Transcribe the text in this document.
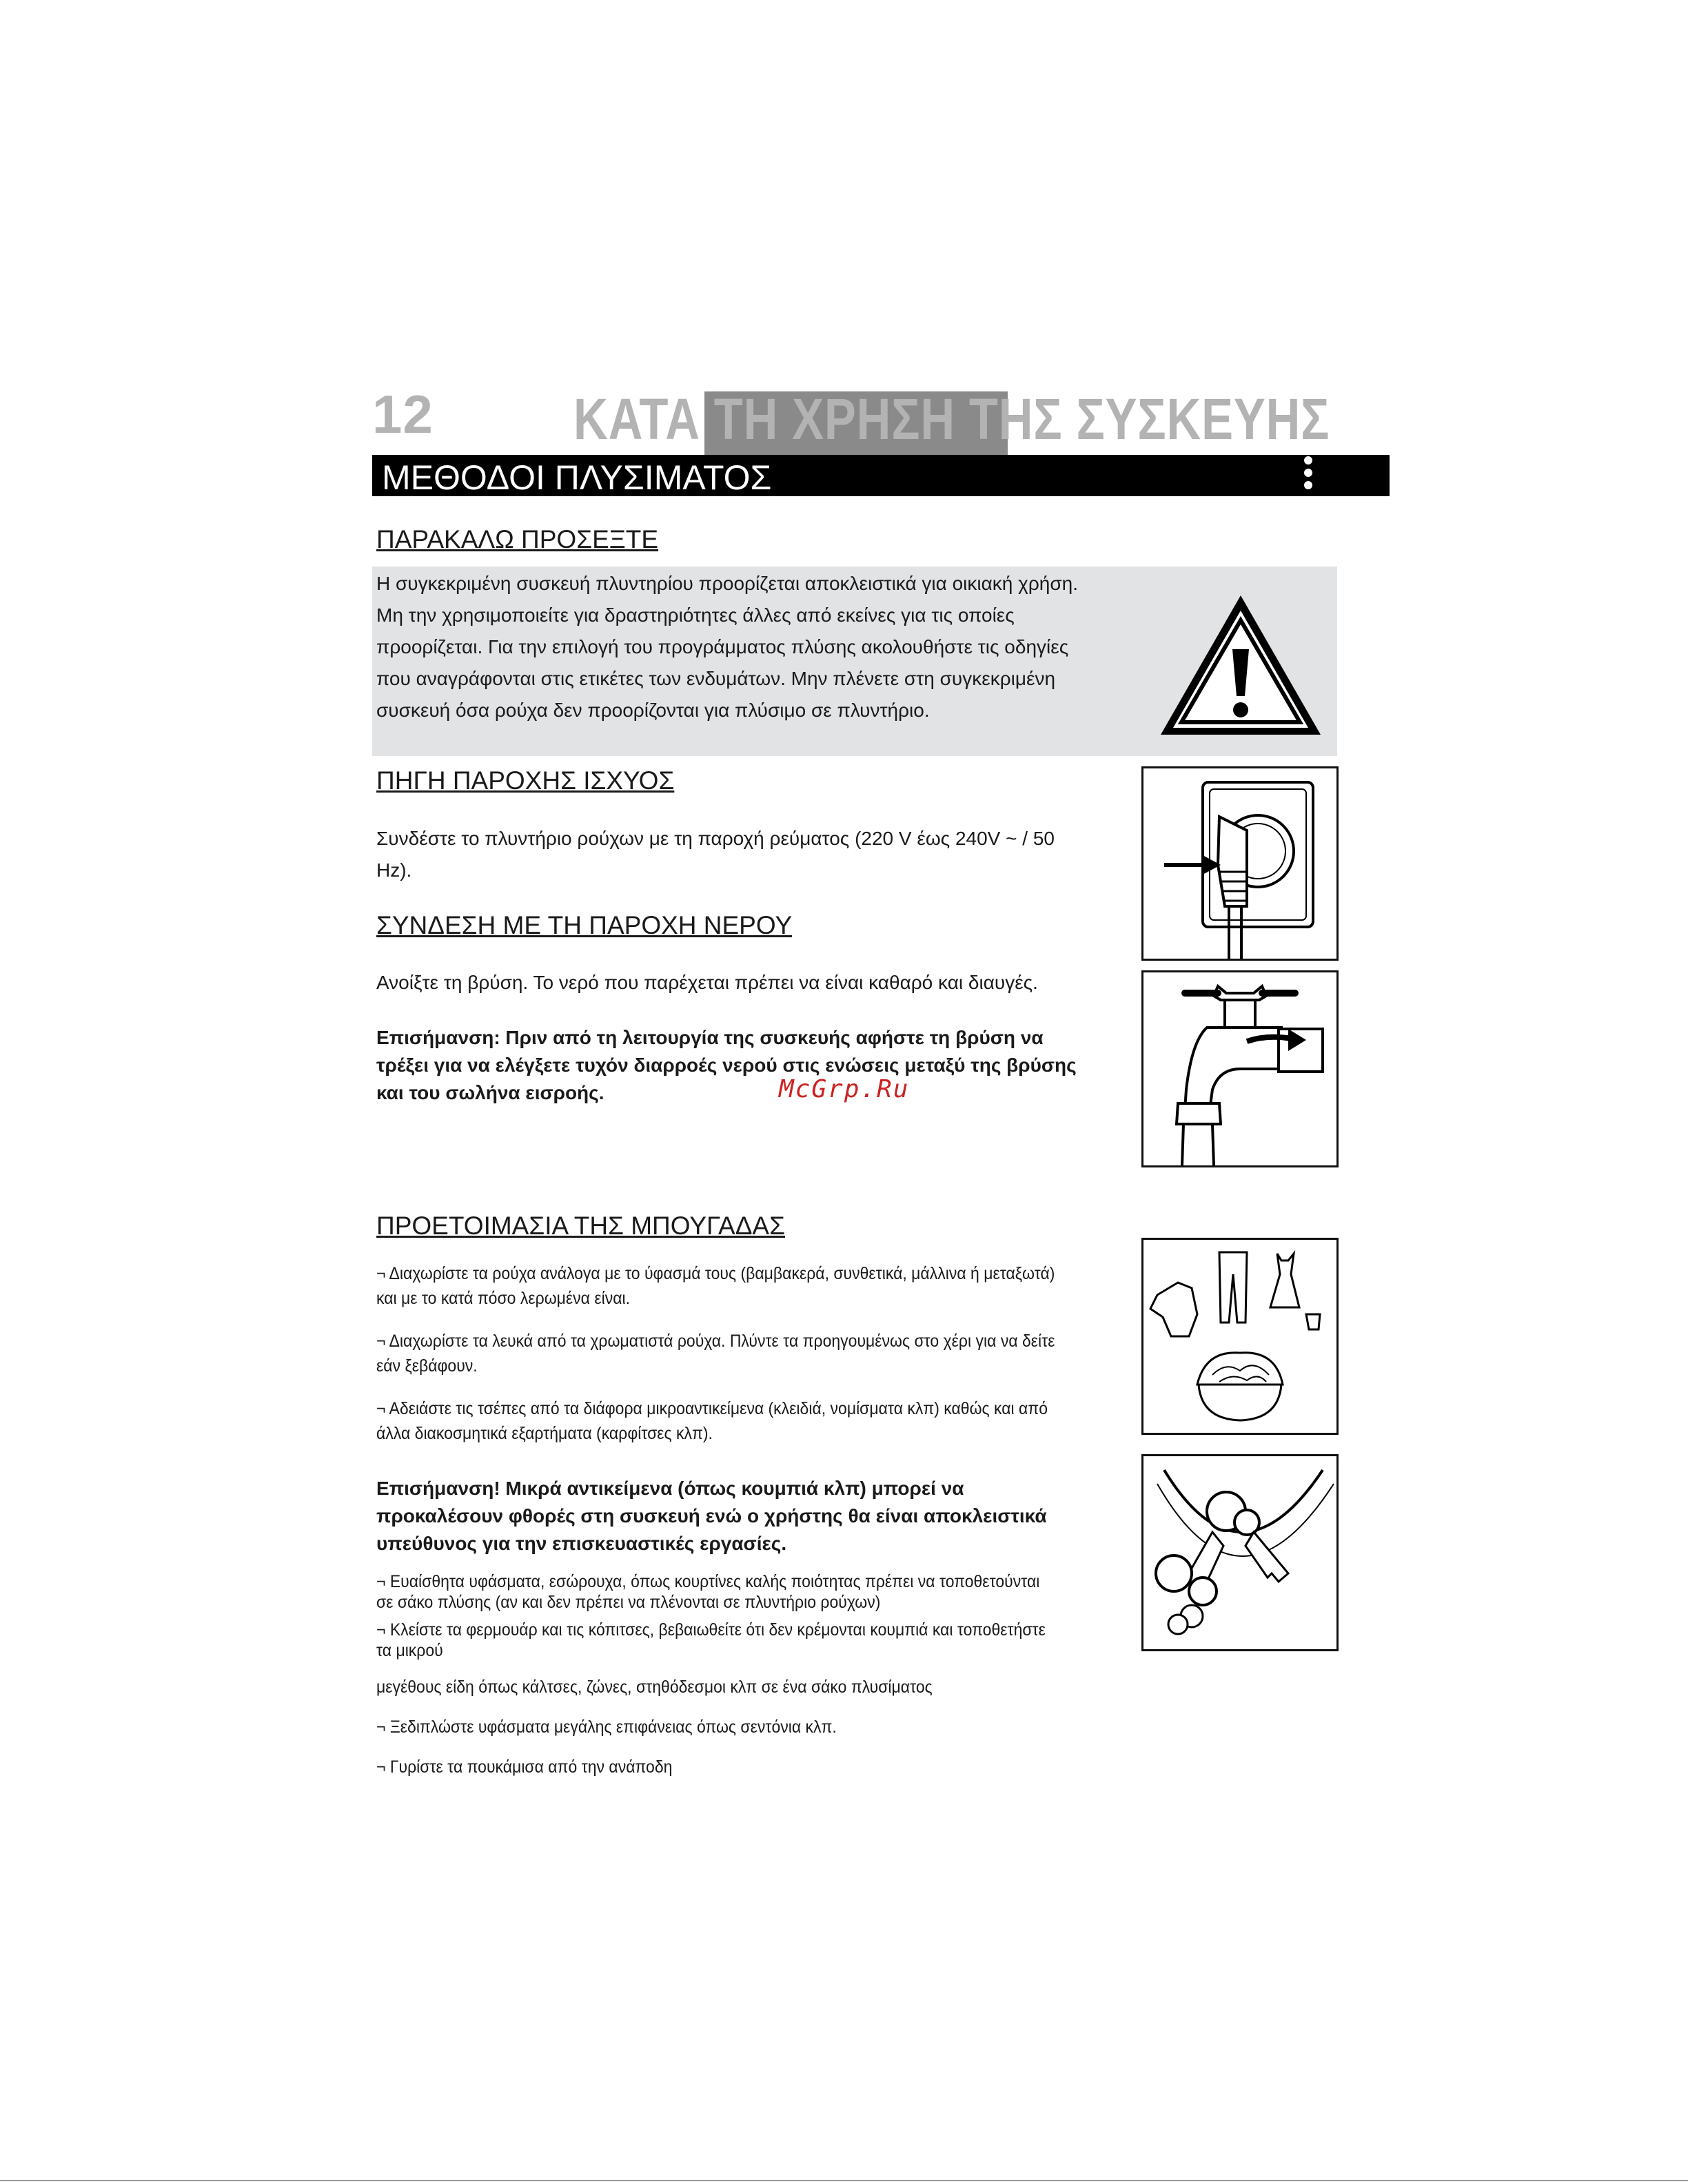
12 ΚΑΤΑ ΤΗ ΧΡΗΣΗ ΤΗΣ ΣΥΣΚΕΥΗΣ
ΜΕΘΟΔΟΙ ΠΛΥΣΙΜΑΤΟΣ
ΠΑΡΑΚΑΛΩ ΠΡΟΣΕΞΤΕ
Η συγκεκριμένη συσκευή πλυντηρίου προορίζεται αποκλειστικά για οικιακή χρήση.
Μη την χρησιμοποιείτε για δραστηριότητες άλλες από εκείνες για τις οποίες
προορίζεται. Για την επιλογή του προγράμματος πλύσης ακολουθήστε τις οδηγίες
που αναγράφονται στις ετικέτες των ενδυμάτων. Μην πλένετε στη συγκεκριμένη
συσκευή όσα ρούχα δεν προορίζονται για πλύσιμο σε πλυντήριο.
ΠΗΓΗ ΠΑΡΟΧΗΣ ΙΣΧΥΟΣ
Συνδέστε το πλυντήριο ρούχων με τη παροχή ρεύματος (220 V έως 240V ~ / 50
Hz).
ΣΥΝΔΕΣΗ ΜΕ ΤΗ ΠΑΡΟΧΗ ΝΕΡΟΥ
Ανοίξτε τη βρύση. Το νερό που παρέχεται πρέπει να είναι καθαρό και διαυγές.
Επισήμανση: Πριν από τη λειτουργία της συσκευής αφήστε τη βρύση να
τρέξει για να ελέγξετε τυχόν διαρροές νερού στις ενώσεις μεταξύ της βρύσης
και του σωλήνα εισροής.	McGrp.Ru
ΠΡΟΕΤΟΙΜΑΣΙΑ ΤΗΣ ΜΠΟΥΓΑΔΑΣ
¬ Διαχωρίστε τα ρούχα ανάλογα με το ύφασμά τους (βαμβακερά, συνθετικά, μάλλινα ή μεταξωτά)
και με το κατά πόσο λερωμένα είναι.
¬ Διαχωρίστε τα λευκά από τα χρωματιστά ρούχα. Πλύντε τα προηγουμένως στο χέρι για να δείτε
εάν ξεβάφουν.
¬ Αδειάστε τις τσέπες από τα διάφορα μικροαντικείμενα (κλειδιά, νομίσματα κλπ) καθώς και από
άλλα διακοσμητικά εξαρτήματα (καρφίτσες κλπ).
Επισήμανση! Μικρά αντικείμενα (όπως κουμπιά κλπ) μπορεί να
προκαλέσουν φθορές στη συσκευή ενώ ο χρήστης θα είναι αποκλειστικά
υπεύθυνος για την επισκευαστικές εργασίες.
¬ Ευαίσθητα υφάσματα, εσώρουχα, όπως κουρτίνες καλής ποιότητας πρέπει να τοποθετούνται
σε σάκο πλύσης (αν και δεν πρέπει να πλένονται σε πλυντήριο ρούχων)
¬ Κλείστε τα φερμουάρ και τις κόπιτσες, βεβαιωθείτε ότι δεν κρέμονται κουμπιά και τοποθετήστε
τα μικρού
μεγέθους είδη όπως κάλτσες, ζώνες, στηθόδεσμοι κλπ σε ένα σάκο πλυσίματος
¬ Ξεδιπλώστε υφάσματα μεγάλης επιφάνειας όπως σεντόνια κλπ.
¬ Γυρίστε τα πουκάμισα από την ανάποδη
